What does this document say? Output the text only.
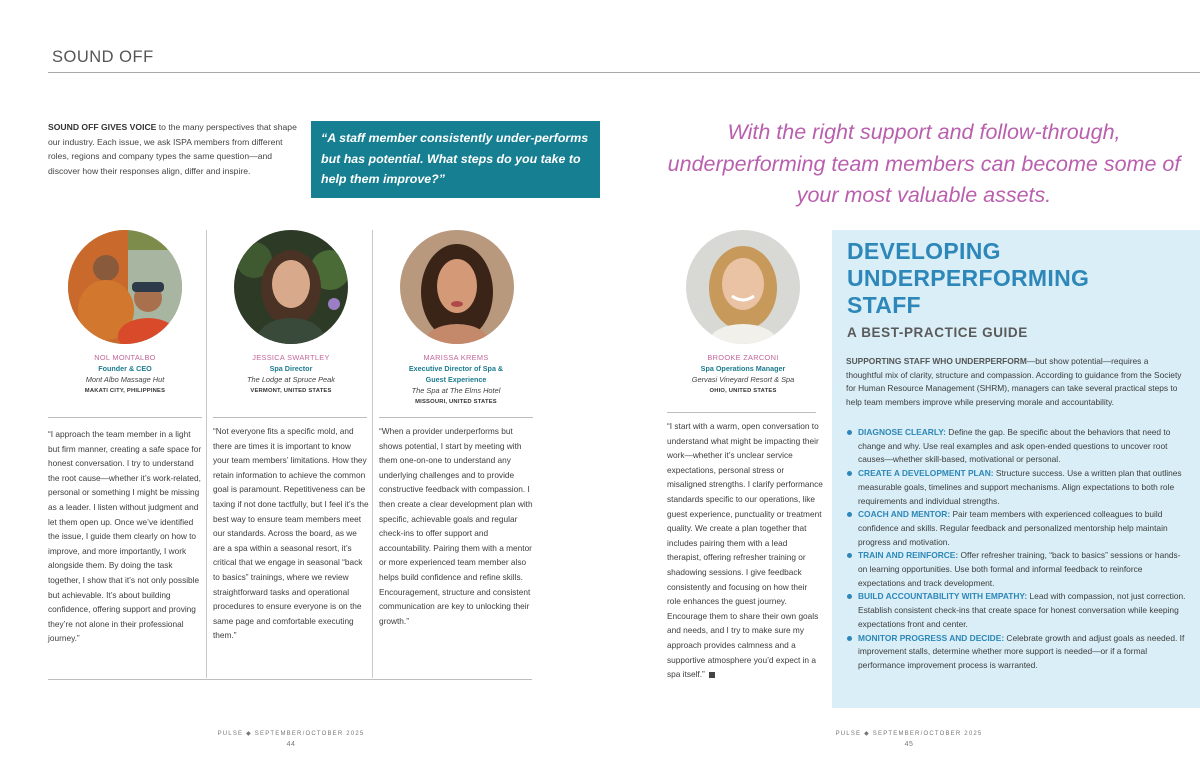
SOUND OFF
SOUND OFF GIVES VOICE to the many perspectives that shape our industry. Each issue, we ask ISPA members from different roles, regions and company types the same question—and discover how their responses align, differ and inspire.
“A staff member consistently under-performs but has potential. What steps do you take to help them improve?”
With the right support and follow-through, underperforming team members can become some of your most valuable assets.
NOL MONTALBO
Founder & CEO
Mont Albo Massage Hut
MAKATI CITY, PHILIPPINES
“I approach the team member in a light but firm manner, creating a safe space for honest conversation. I try to understand the root cause—whether it’s work-related, personal or something I might be missing as a leader. I listen without judgment and let them open up. Once we’ve identified the issue, I guide them clearly on how to improve, and more importantly, I work alongside them. By doing the task together, I show that it’s not only possible but achievable. It’s about building confidence, offering support and proving they’re not alone in their professional journey.”
JESSICA SWARTLEY
Spa Director
The Lodge at Spruce Peak
VERMONT, UNITED STATES
“Not everyone fits a specific mold, and there are times it is important to know your team members’ limitations. How they retain information to achieve the common goal is paramount. Repetitiveness can be taxing if not done tactfully, but I feel it’s the best way to ensure team members meet our standards. Across the board, as we are a spa within a seasonal resort, it’s critical that we engage in seasonal “back to basics” trainings, where we review straightforward tasks and operational procedures to ensure everyone is on the same page and comfortable executing them.”
MARISSA KREMS
Executive Director of Spa & Guest Experience
The Spa at The Elms Hotel
MISSOURI, UNITED STATES
“When a provider underperforms but shows potential, I start by meeting with them one-on-one to understand any underlying challenges and to provide constructive feedback with compassion. I then create a clear development plan with specific, achievable goals and regular check-ins to offer support and accountability. Pairing them with a mentor or more experienced team member also helps build confidence and refine skills. Encouragement, structure and consistent communication are key to unlocking their growth.”
BROOKE ZARCONI
Spa Operations Manager
Gervasi Vineyard Resort & Spa
OHIO, UNITED STATES
“I start with a warm, open conversation to understand what might be impacting their work—whether it’s unclear service expectations, personal stress or misaligned strengths. I clarify performance standards specific to our operations, like guest experience, punctuality or treatment quality. We create a plan together that includes pairing them with a lead therapist, offering refresher training or shadowing sessions. I give feedback consistently and focusing on how their role enhances the guest journey. Encourage them to share their own goals and needs, and I try to make sure my approach provides calmness and a supportive atmosphere you’d expect in a spa itself.”
DEVELOPING UNDERPERFORMING STAFF
A BEST-PRACTICE GUIDE
SUPPORTING STAFF WHO UNDERPERFORM—but show potential—requires a thoughtful mix of clarity, structure and compassion. According to guidance from the Society for Human Resource Management (SHRM), managers can take several practical steps to help team members improve while preserving morale and accountability.
DIAGNOSE CLEARLY: Define the gap. Be specific about the behaviors that need to change and why. Use real examples and ask open-ended questions to uncover root causes—whether skill-based, motivational or personal.
CREATE A DEVELOPMENT PLAN: Structure success. Use a written plan that outlines measurable goals, timelines and support mechanisms. Align expectations to both role requirements and individual strengths.
COACH AND MENTOR: Pair team members with experienced colleagues to build confidence and skills. Regular feedback and personalized mentorship help maintain progress and motivation.
TRAIN AND REINFORCE: Offer refresher training, “back to basics” sessions or hands-on learning opportunities. Use both formal and informal feedback to reinforce expectations and track development.
BUILD ACCOUNTABILITY WITH EMPATHY: Lead with compassion, not just correction. Establish consistent check-ins that create space for honest conversation while keeping expectations front and center.
MONITOR PROGRESS AND DECIDE: Celebrate growth and adjust goals as needed. If improvement stalls, determine whether more support is needed—or if a formal performance improvement process is warranted.
PULSE ◆ SEPTEMBER/OCTOBER 2025
44
PULSE ◆ SEPTEMBER/OCTOBER 2025
45
